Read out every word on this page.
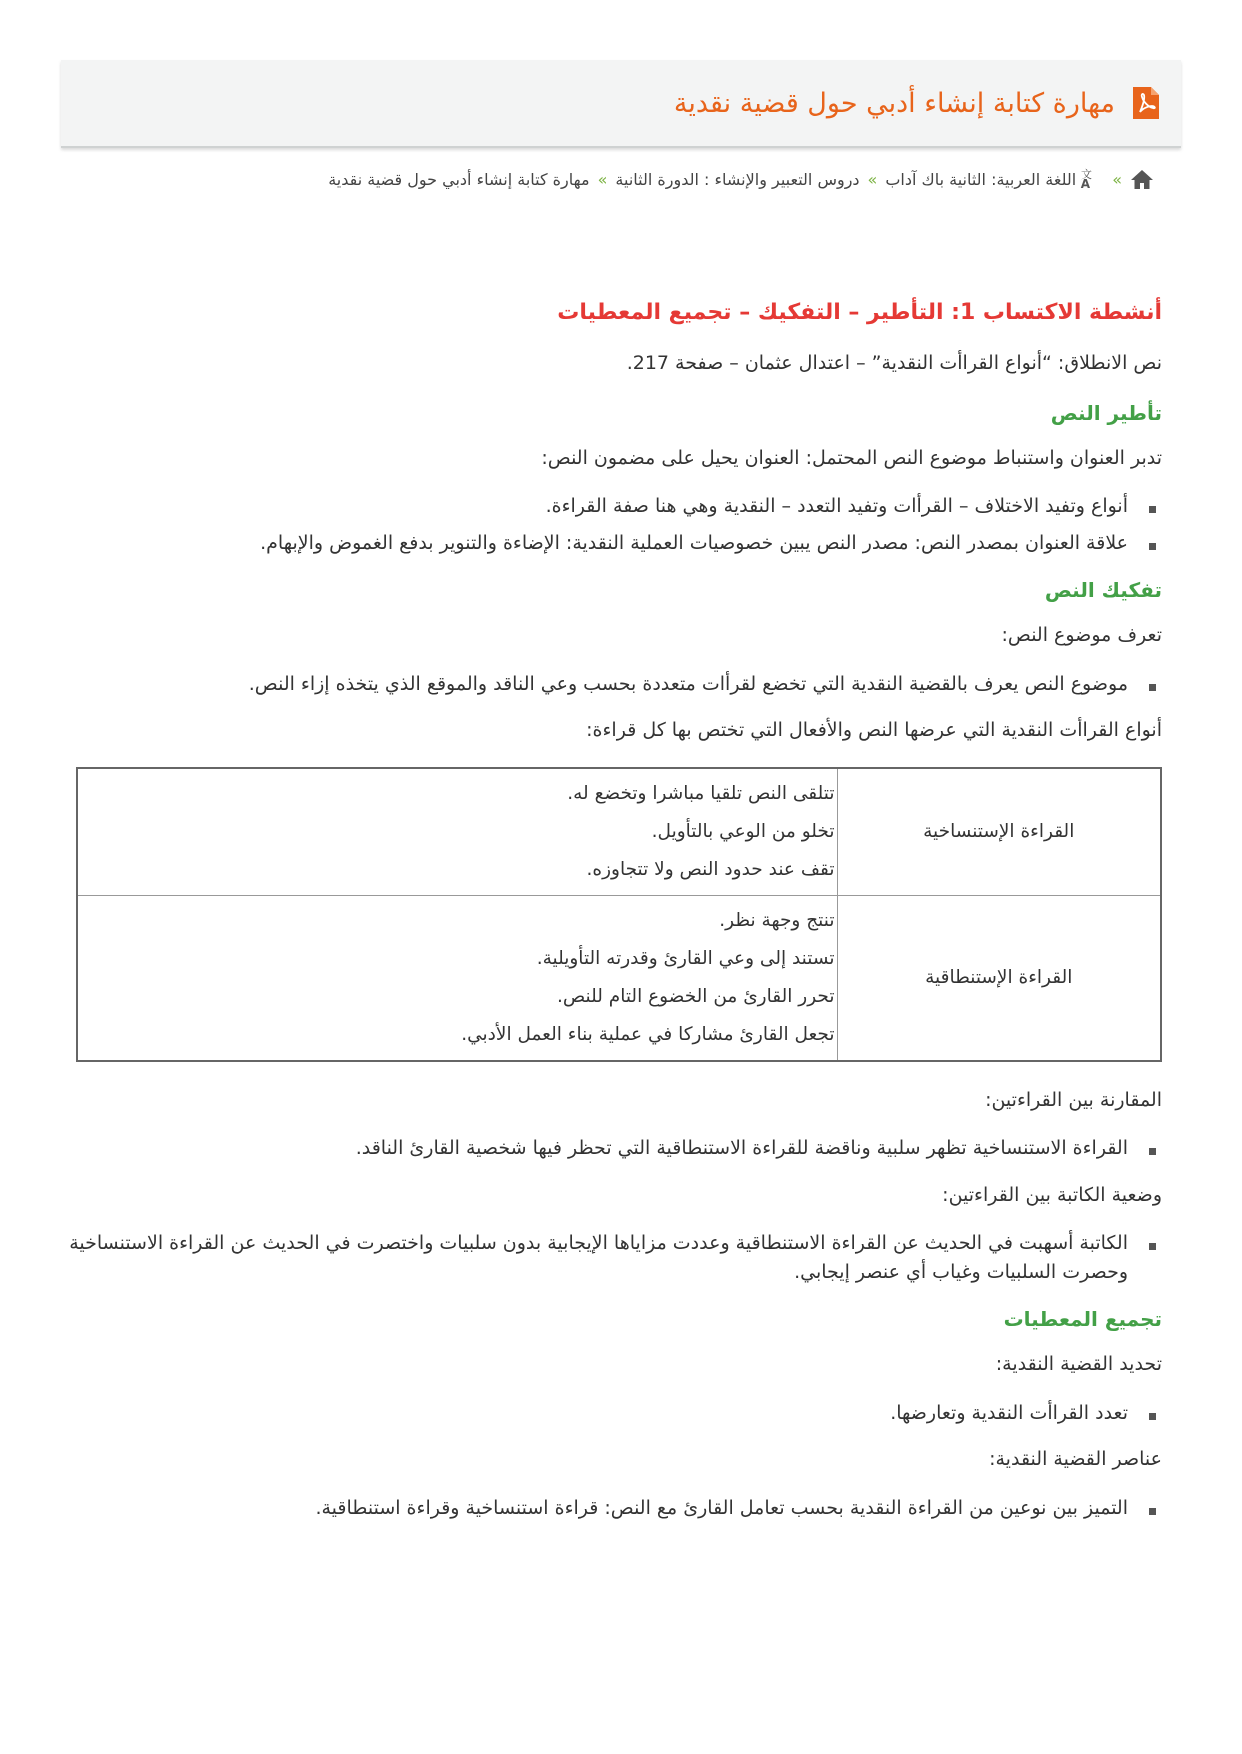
مهارة كتابة إنشاء أدبي حول قضية نقدية
»
文
A
اللغة العربية: الثانية باك آداب
»
دروس التعبير والإنشاء : الدورة الثانية
»
مهارة كتابة إنشاء أدبي حول قضية نقدية
أنشطة الاكتساب 1: التأطير – التفكيك – تجميع المعطيات

نص الانطلاق: “أنواع القراأت النقدية” – اعتدال عثمان – صفحة 217.

تأطير النص

تدبر العنوان واستنباط موضوع النص المحتمل: العنوان يحيل على مضمون النص:

أنواع وتفيد الاختلاف – القرأات وتفيد التعدد – النقدية وهي هنا صفة القراءة.
علاقة العنوان بمصدر النص: مصدر النص يبين خصوصيات العملية النقدية: الإضاءة والتنوير بدفع الغموض والإبهام.
تفكيك النص

تعرف موضوع النص:

موضوع النص يعرف بالقضية النقدية التي تخضع لقرأات متعددة بحسب وعي الناقد والموقع الذي يتخذه إزاء النص.

أنواع القراأت النقدية التي عرضها النص والأفعال التي تختص بها كل قراءة:

القراءة الإستنساخية	تتلقى النص تلقيا مباشرا وتخضع له.
تخلو من الوعي بالتأويل.
تقف عند حدود النص ولا تتجاوزه.

القراءة الإستنطاقية	تنتج وجهة نظر.
تستند إلى وعي القارئ وقدرته التأويلية.
تحرر القارئ من الخضوع التام للنص.
تجعل القارئ مشاركا في عملية بناء العمل الأدبي.

المقارنة بين القراءتين:

القراءة الاستنساخية تظهر سلبية وناقضة للقراءة الاستنطاقية التي تحظر فيها شخصية القارئ الناقد.

وضعية الكاتبة بين القراءتين:

الكاتبة أسهبت في الحديث عن القراءة الاستنطاقية وعددت مزاياها الإيجابية بدون سلبيات واختصرت في الحديث عن القراءة الاستنساخية وحصرت السلبيات وغياب أي عنصر إيجابي.
تجميع المعطيات

تحديد القضية النقدية:

تعدد القراأت النقدية وتعارضها.

عناصر القضية النقدية:

التميز بين نوعين من القراءة النقدية بحسب تعامل القارئ مع النص: قراءة استنساخية وقراءة استنطاقية.
